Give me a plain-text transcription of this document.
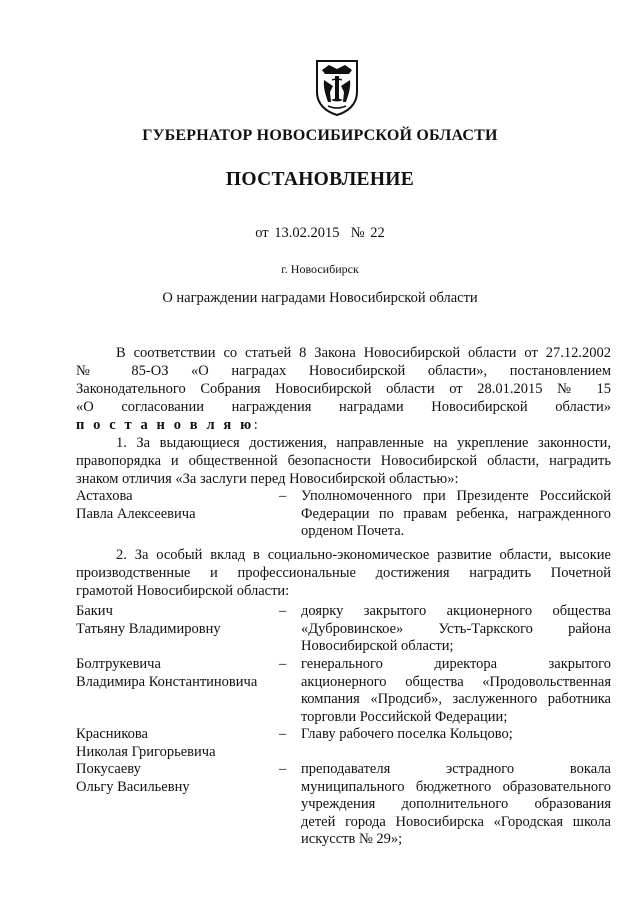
ГУБЕРНАТОР НОВОСИБИРСКОЙ ОБЛАСТИ
ПОСТАНОВЛЕНИЕ
от 13.02.2015  № 22
г. Новосибирск
О награждении наградами Новосибирской области
В соответствии со статьей 8 Закона Новосибирской области от 27.12.2002
№ 85-ОЗ «О наградах Новосибирской области», постановлением
Законодательного Собрания Новосибирской области от 28.01.2015 № 15
«О согласовании награждения наградами Новосибирской области»
п о с т а н о в л я ю:
1. За выдающиеся достижения, направленные на укрепление законности,
правопорядка и общественной безопасности Новосибирской области, наградить
знаком отличия «За заслуги перед Новосибирской областью»:
Астахова
Павла Алексеевича
–	Уполномоченного при Президенте Российской
Федерации по правам ребенка, награжденного
орденом Почета.
2. За особый вклад в социально-экономическое развитие области, высокие
производственные и профессиональные достижения наградить Почетной
грамотой Новосибирской области:
Бакич
Татьяну Владимировну
–	доярку закрытого акционерного общества
«Дубровинское» Усть-Таркского района
Новосибирской области;
Болтрукевича
Владимира Константиновича
–	генерального директора закрытого
акционерного общества «Продовольственная
компания «Продсиб», заслуженного работника
торговли Российской Федерации;
Красникова
Николая Григорьевича
–	Главу рабочего поселка Кольцово;
Покусаеву
Ольгу Васильевну
–	преподавателя эстрадного вокала
муниципального бюджетного образовательного
учреждения дополнительного образования
детей города Новосибирска «Городская школа
искусств № 29»;
